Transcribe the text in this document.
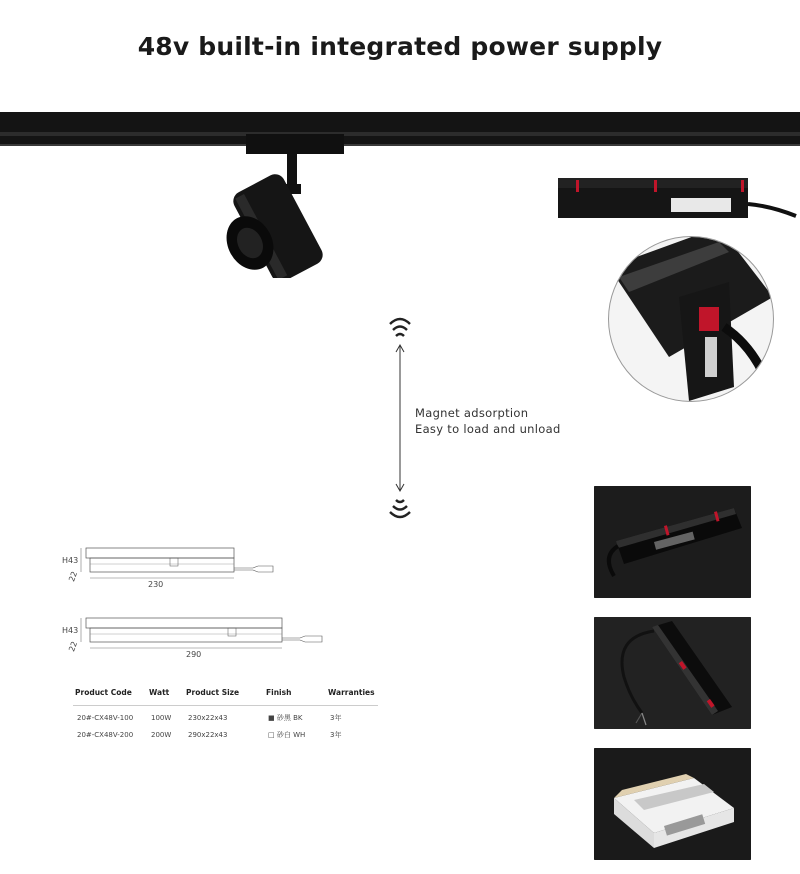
48v built-in integrated power supply
Magnet adsorption
Easy to load and unload
H43
22
230
H43
22
290
Product Code	Watt	Product Size	Finish	Warranties
20#-CX48V-100	100W	230x22x43	■ 砂黑 BK	3年
20#-CX48V-200	200W	290x22x43	□ 砂白 WH	3年
